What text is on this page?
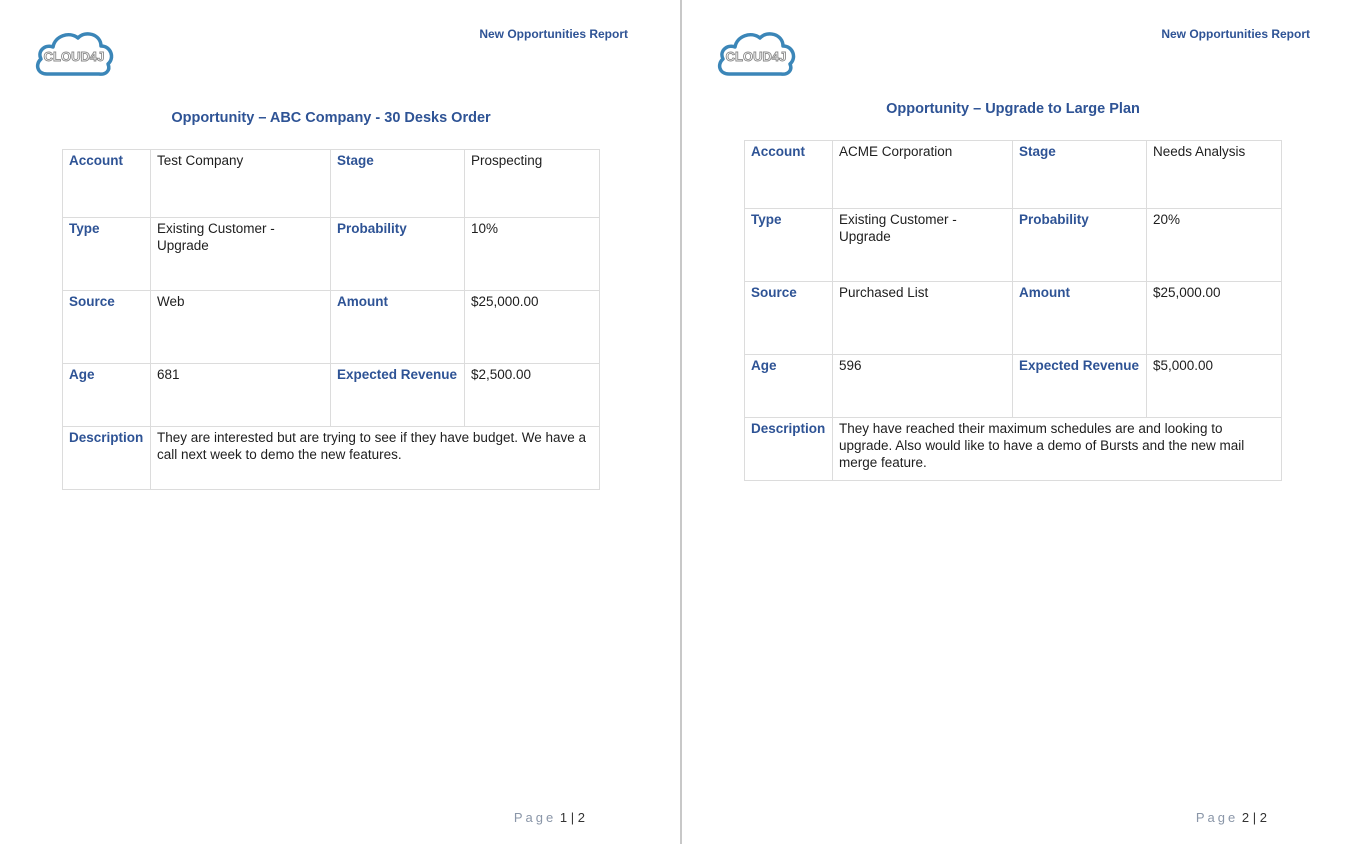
CLOUD4J
New Opportunities Report
Opportunity – ABC Company - 30 Desks Order
Account	Test Company	Stage	Prospecting
Type	Existing Customer - Upgrade	Probability	10%
Source	Web	Amount	$25,000.00
Age	681	Expected Revenue	$2,500.00
Description	They are interested but are trying to see if they have budget. We have a call next week to demo the new features.		
Page 1 | 2
CLOUD4J
New Opportunities Report
Opportunity – Upgrade to Large Plan
Account	ACME Corporation	Stage	Needs Analysis
Type	Existing Customer - Upgrade	Probability	20%
Source	Purchased List	Amount	$25,000.00
Age	596	Expected Revenue	$5,000.00
Description	They have reached their maximum schedules are and looking to upgrade. Also would like to have a demo of Bursts and the new mail merge feature.		
Page 2 | 2
